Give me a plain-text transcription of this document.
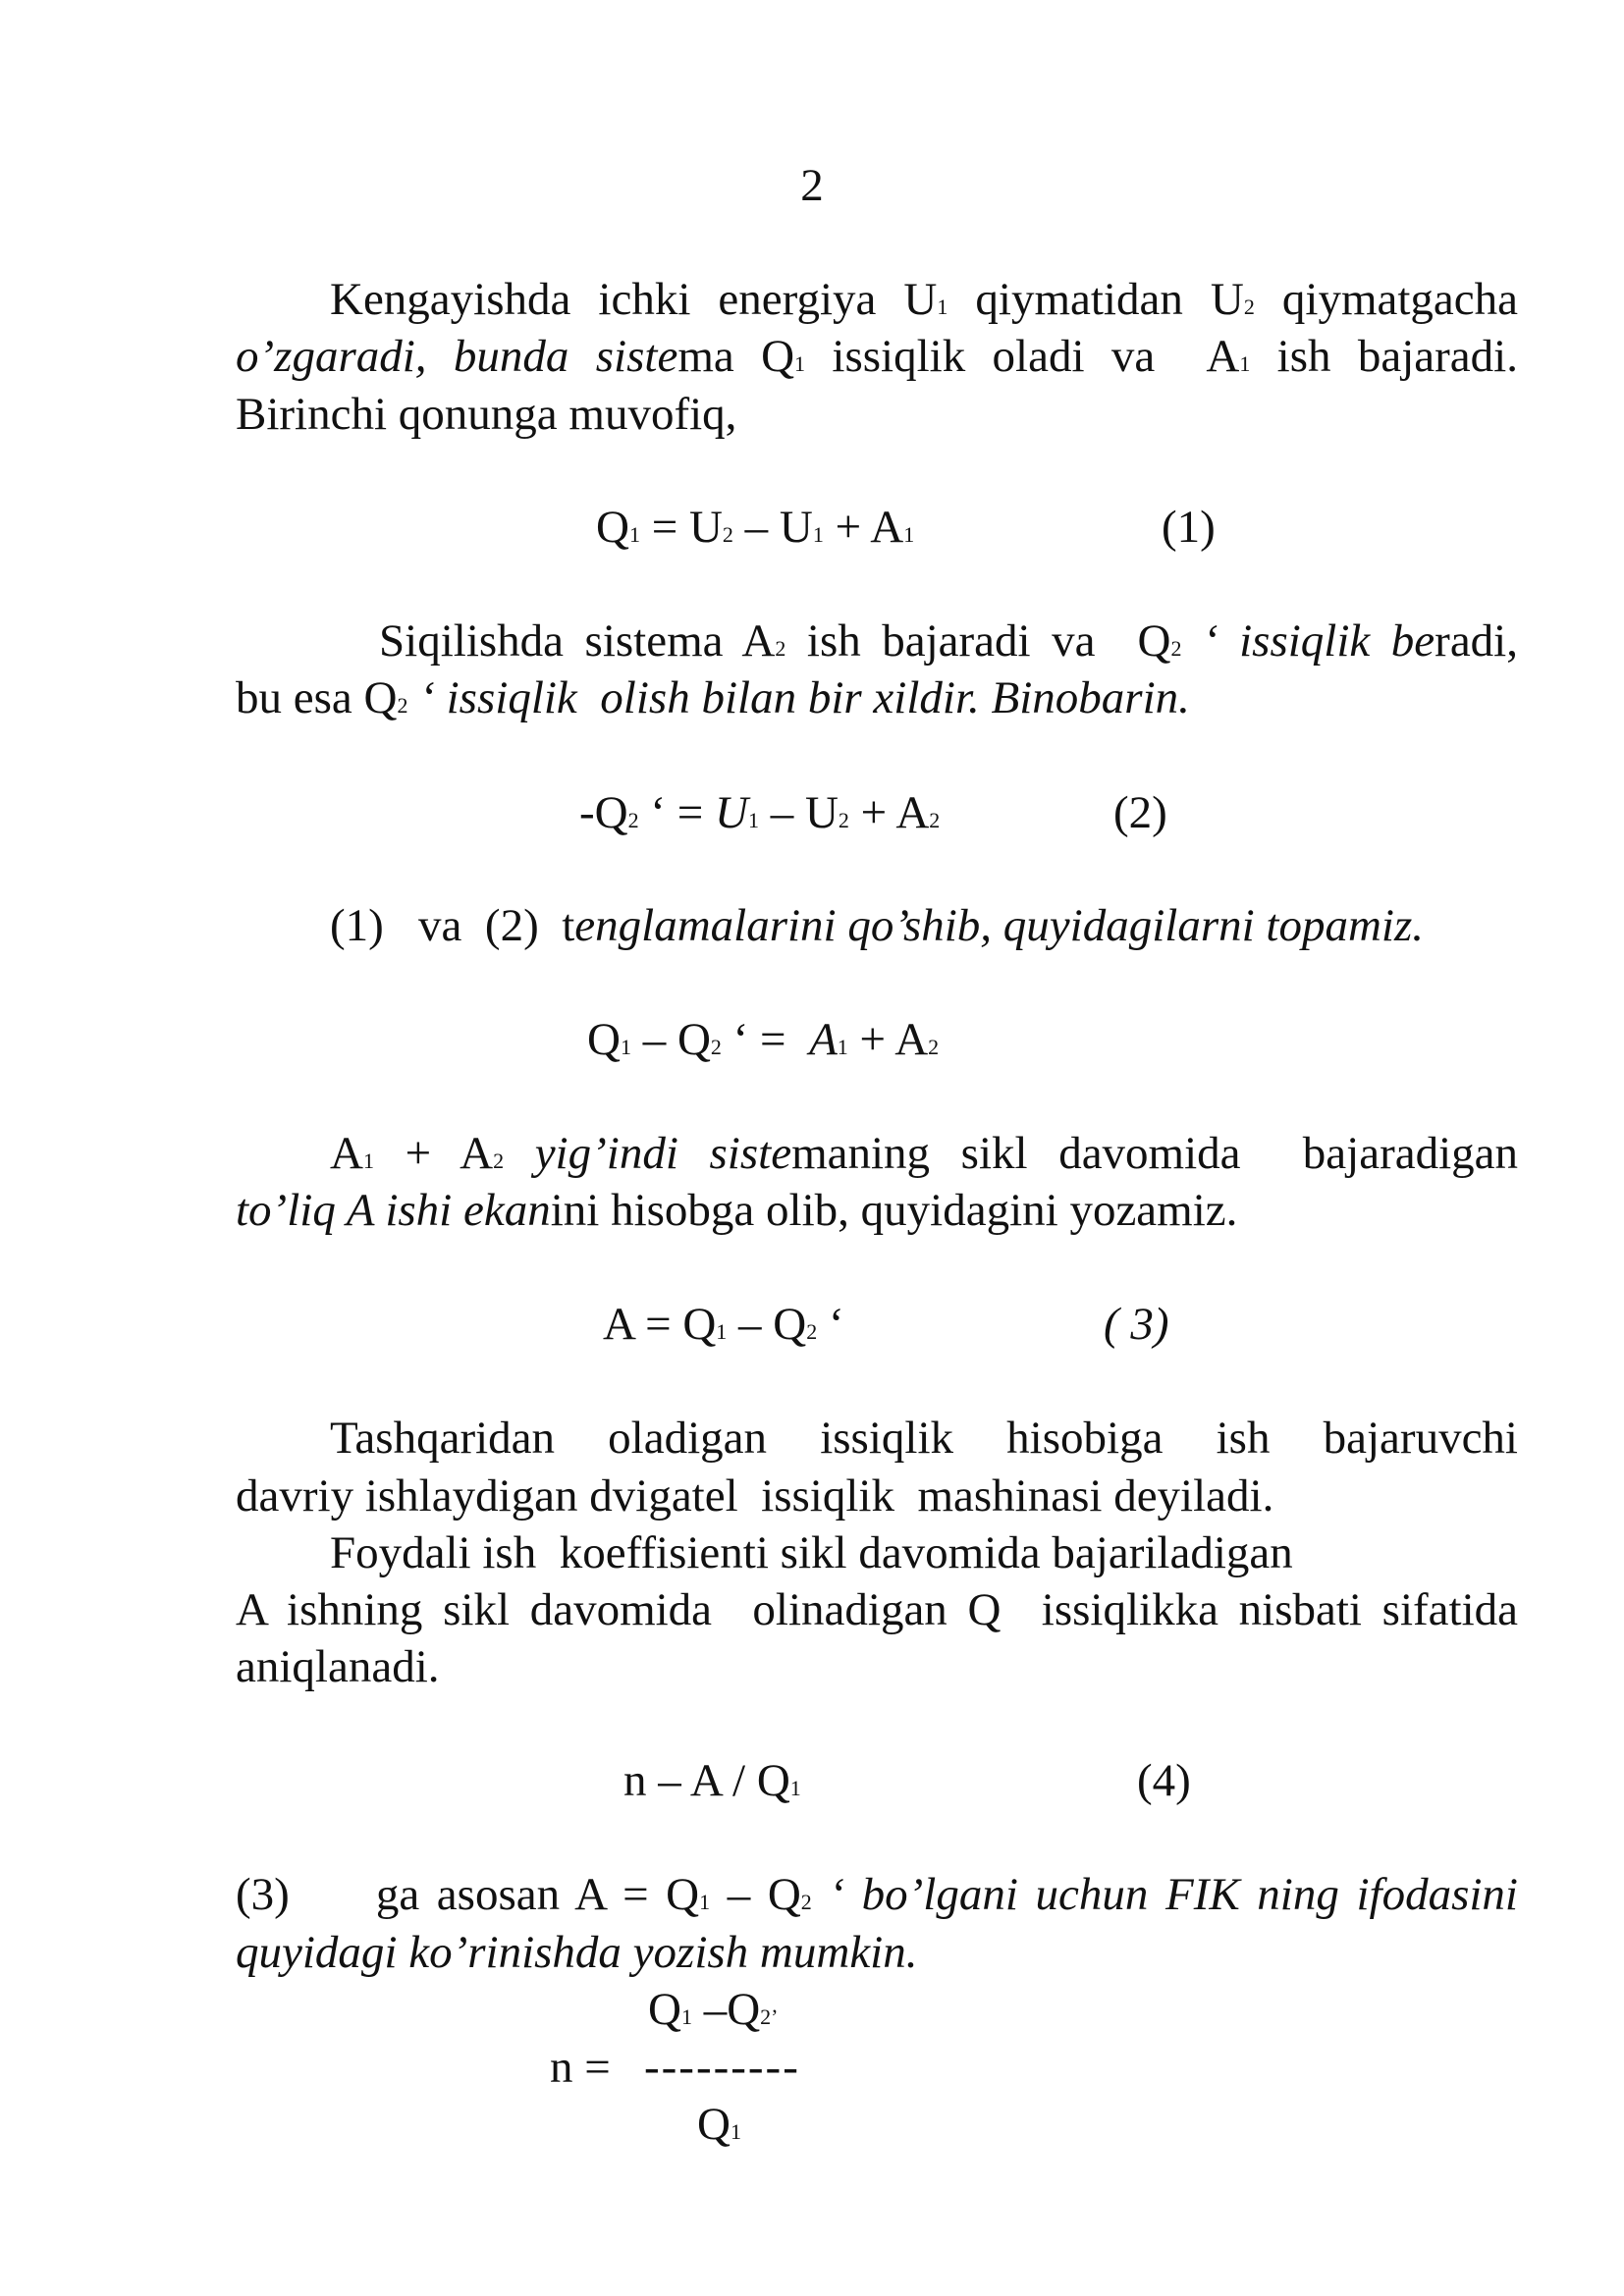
2
Kengayishda ichki energiya U1 qiymatidan U2 qiymatgacha
o’zgaradi, bunda sistema Q1 issiqlik oladi va  A1 ish bajaradi.
Birinchi qonunga muvofiq,
Q1 = U2 – U1 + A1	(1)
Siqilishda sistema A2 ish bajaradi va  Q2 ‘ issiqlik beradi,
bu esa Q2 ‘ issiqlik  olish bilan bir xildir. Binobarin.
-Q2 ‘ = U1 – U2 + A2	(2)
(1)   va  (2)  tenglamalarini qo’shib, quyidagilarni topamiz.
Q1 – Q2 ‘ =  A1 + A2
A1 + A2 yig’indi sistemaning sikl davomida  bajaradigan
to’liq A ishi ekanini hisobga olib, quyidagini yozamiz.
A = Q1 – Q2 ‘	( 3)
Tashqaridan  oladigan  issiqlik  hisobiga  ish  bajaruvchi
davriy ishlaydigan dvigatel  issiqlik  mashinasi deyiladi.
Foydali ish  koeffisienti sikl davomida bajariladigan
A ishning sikl davomida  olinadigan Q  issiqlikka nisbati sifatida
aniqlanadi.
n – A / Q1	(4)
(3)     ga asosan A = Q1 – Q2 ‘ bo’lgani uchun FIK ning ifodasini
quyidagi ko’rinishda yozish mumkin.
Q1 –Q2’
n = ---------
Q1
